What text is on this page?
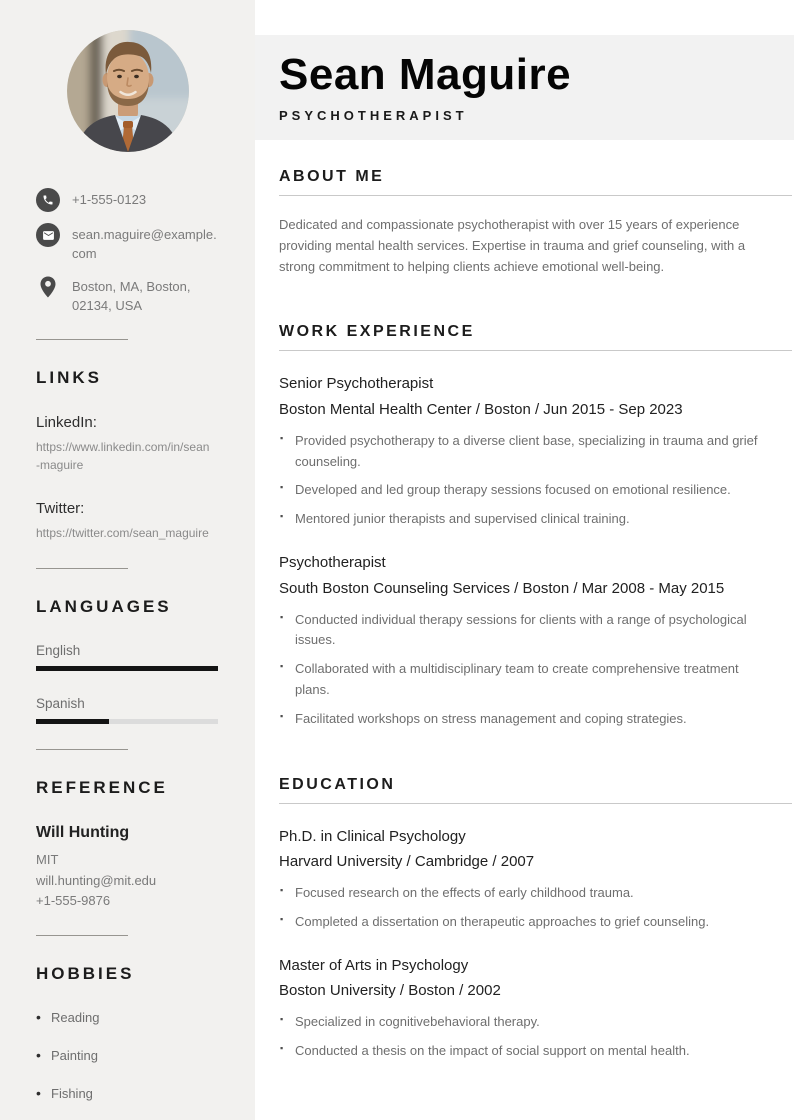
+1-555-0123
sean.maguire@example.com
Boston, MA, Boston, 02134, USA
LINKS
LinkedIn:
https://www.linkedin.com/in/sean-maguire
Twitter:
https://twitter.com/sean_maguire
LANGUAGES
English
Spanish
REFERENCE
Will Hunting
MIT
will.hunting@mit.edu
+1-555-9876
HOBBIES
• Reading
• Painting
• Fishing
Sean Maguire
PSYCHOTHERAPIST
ABOUT ME

Dedicated and compassionate psychotherapist with over 15 years of experience providing mental health services. Expertise in trauma and grief counseling, with a strong commitment to helping clients achieve emotional well-being.

WORK EXPERIENCE
Senior Psychotherapist
Boston Mental Health Center / Boston / Jun 2015 - Sep 2023
▪ Provided psychotherapy to a diverse client base, specializing in trauma and grief counseling.
▪ Developed and led group therapy sessions focused on emotional resilience.
▪ Mentored junior therapists and supervised clinical training.
Psychotherapist
South Boston Counseling Services / Boston / Mar 2008 - May 2015
▪ Conducted individual therapy sessions for clients with a range of psychological issues.
▪ Collaborated with a multidisciplinary team to create comprehensive treatment plans.
▪ Facilitated workshops on stress management and coping strategies.
EDUCATION
Ph.D. in Clinical Psychology
Harvard University / Cambridge / 2007
▪ Focused research on the effects of early childhood trauma.
▪ Completed a dissertation on therapeutic approaches to grief counseling.
Master of Arts in Psychology
Boston University / Boston / 2002
▪ Specialized in cognitivebehavioral therapy.
▪ Conducted a thesis on the impact of social support on mental health.
